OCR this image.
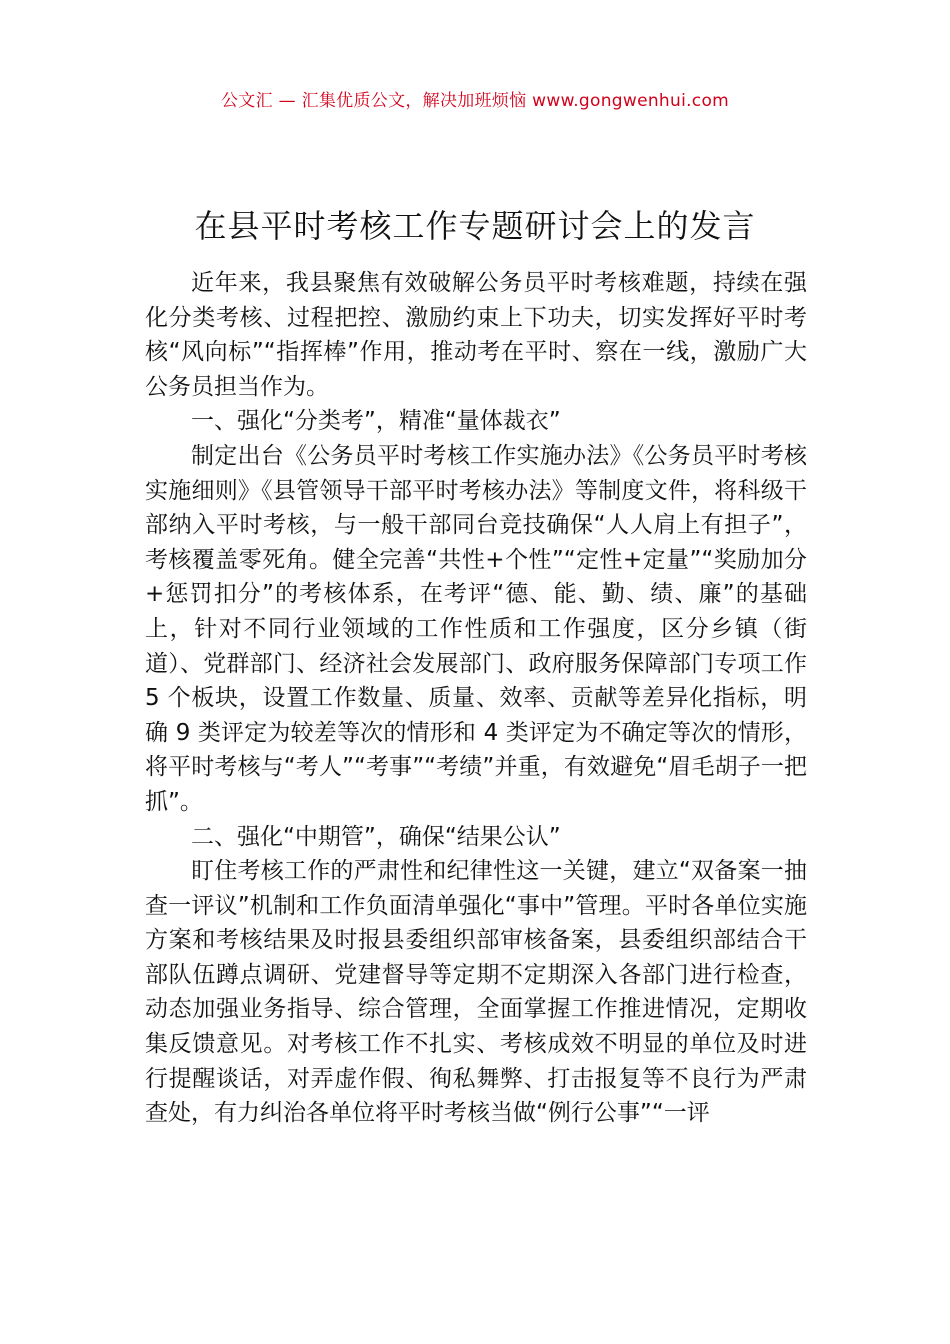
公文汇 — 汇集优质公文，解决加班烦恼 www.gongwenhui.com
在县平时考核工作专题研讨会上的发言

近年来，我县聚焦有效破解公务员平时考核难题，持续在强化分类考核、过程把控、激励约束上下功夫，切实发挥好平时考核“风向标”“指挥棒”作用，推动考在平时、察在一线，激励广大公务员担当作为。

一、强化“分类考”，精准“量体裁衣”

制定出台《公务员平时考核工作实施办法》《公务员平时考核实施细则》《县管领导干部平时考核办法》等制度文件，将科级干部纳入平时考核，与一般干部同台竞技确保“人人肩上有担子”，考核覆盖零死角。健全完善“共性+个性”“定性+定量”“奖励加分+惩罚扣分”的考核体系，在考评“德、能、勤、绩、廉”的基础上，针对不同行业领域的工作性质和工作强度，区分乡镇（街道）、党群部门、经济社会发展部门、政府服务保障部门专项工作 5 个板块，设置工作数量、质量、效率、贡献等差异化指标，明确 9 类评定为较差等次的情形和 4 类评定为不确定等次的情形，将平时考核与“考人”“考事”“考绩”并重，有效避免“眉毛胡子一把抓”。

二、强化“中期管”，确保“结果公认”

盯住考核工作的严肃性和纪律性这一关键，建立“双备案一抽查一评议”机制和工作负面清单强化“事中”管理。平时各单位实施方案和考核结果及时报县委组织部审核备案，县委组织部结合干部队伍蹲点调研、党建督导等定期不定期深入各部门进行检查，动态加强业务指导、综合管理，全面掌握工作推进情况，定期收集反馈意见。对考核工作不扎实、考核成效不明显的单位及时进行提醒谈话，对弄虚作假、徇私舞弊、打击报复等不良行为严肃查处，有力纠治各单位将平时考核当做“例行公事”“一评
